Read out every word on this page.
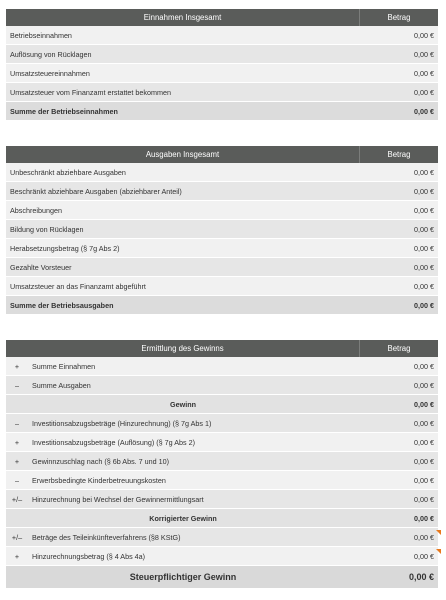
Einnahmen Insgesamt	Betrag
Betriebseinnahmen	0,00 €
Auflösung von Rücklagen	0,00 €
Umsatzsteuereinnahmen	0,00 €
Umsatzsteuer vom Finanzamt erstattet bekommen	0,00 €
Summe der Betriebseinnahmen	0,00 €
Ausgaben Insgesamt	Betrag
Unbeschränkt abziehbare Ausgaben	0,00 €
Beschränkt abziehbare Ausgaben (abziehbarer Anteil)	0,00 €
Abschreibungen	0,00 €
Bildung von Rücklagen	0,00 €
Herabsetzungsbetrag (§ 7g Abs 2)	0,00 €
Gezahlte Vorsteuer	0,00 €
Umsatzsteuer an das Finanzamt abgeführt	0,00 €
Summe der Betriebsausgaben	0,00 €
Ermittlung des Gewinns	Betrag
+	Summe Einnahmen	0,00 €
–	Summe Ausgaben	0,00 €
Gewinn	0,00 €
–	Investitionsabzugsbeträge (Hinzurechnung) (§ 7g Abs 1)	0,00 €
+	Investitionsabzugsbeträge (Auflösung) (§ 7g Abs 2)	0,00 €
+	Gewinnzuschlag nach (§ 6b Abs. 7 und 10)	0,00 €
–	Erwerbsbedingte Kinderbetreuungskosten	0,00 €
+/–	Hinzurechnung bei Wechsel der Gewinnermittlungsart	0,00 €
Korrigierter Gewinn	0,00 €
+/–	Beträge des Teileinkünfteverfahrens (§8 KStG)	0,00 €
+	Hinzurechnungsbetrag (§ 4 Abs 4a)	0,00 €
Steuerpflichtiger Gewinn	0,00 €
